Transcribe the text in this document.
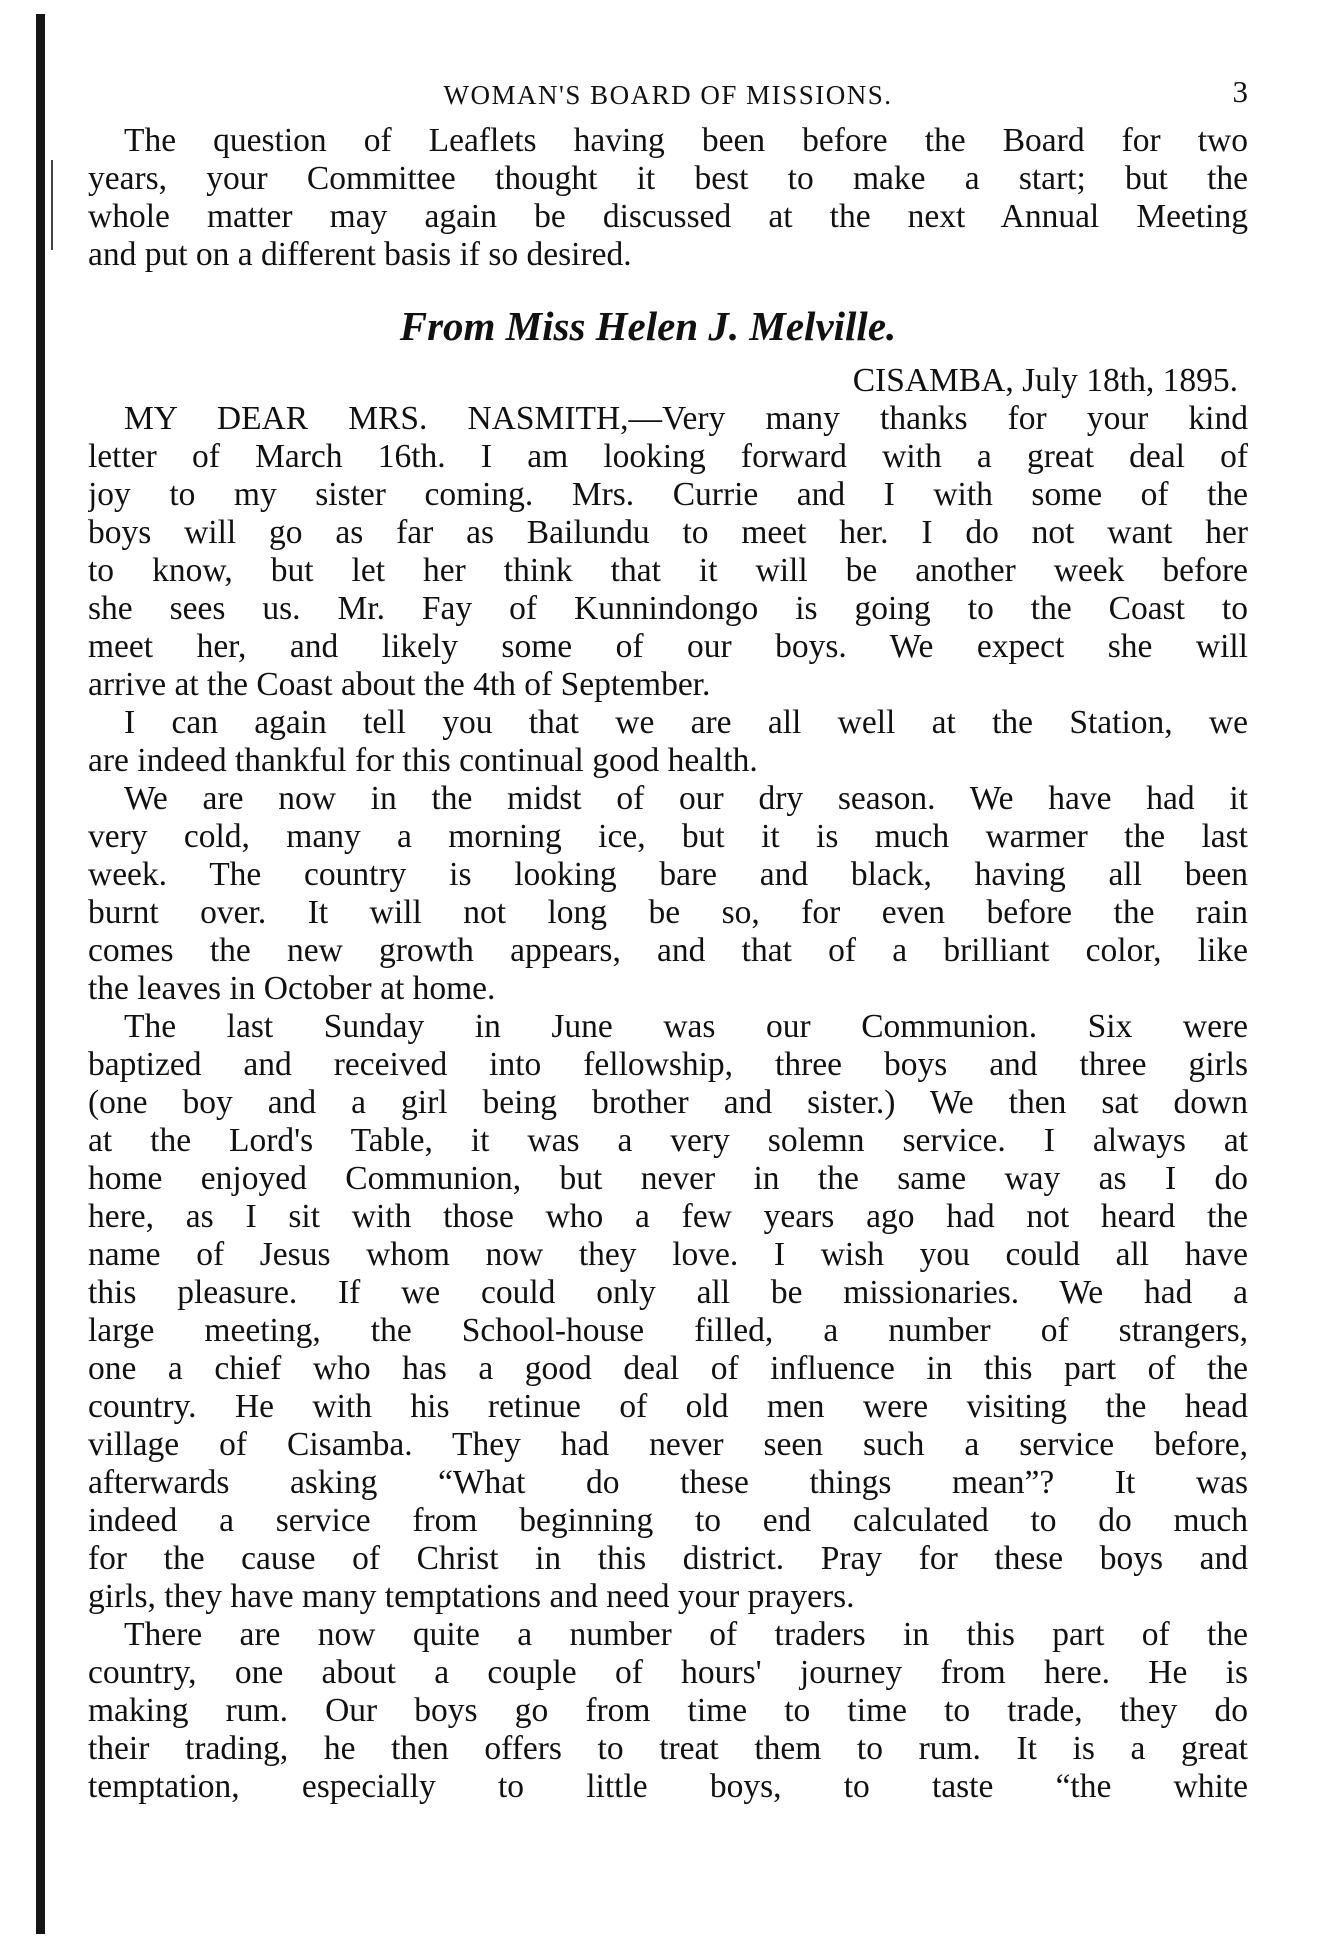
WOMAN'S BOARD OF MISSIONS.	3
The question of Leaflets having been before the Board for two
years, your Committee thought it best to make a start; but the
whole matter may again be discussed at the next Annual Meeting
and put on a different basis if so desired.
From Miss Helen J. Melville.
CISAMBA, July 18th, 1895.
MY DEAR MRS. NASMITH,—Very many thanks for your kind
letter of March 16th. I am looking forward with a great deal of
joy to my sister coming. Mrs. Currie and I with some of the
boys will go as far as Bailundu to meet her. I do not want her
to know, but let her think that it will be another week before
she sees us. Mr. Fay of Kunnindongo is going to the Coast to
meet her, and likely some of our boys. We expect she will
arrive at the Coast about the 4th of September.
I can again tell you that we are all well at the Station, we
are indeed thankful for this continual good health.
We are now in the midst of our dry season. We have had it
very cold, many a morning ice, but it is much warmer the last
week. The country is looking bare and black, having all been
burnt over. It will not long be so, for even before the rain
comes the new growth appears, and that of a brilliant color, like
the leaves in October at home.
The last Sunday in June was our Communion. Six were
baptized and received into fellowship, three boys and three girls
(one boy and a girl being brother and sister.) We then sat down
at the Lord's Table, it was a very solemn service. I always at
home enjoyed Communion, but never in the same way as I do
here, as I sit with those who a few years ago had not heard the
name of Jesus whom now they love. I wish you could all have
this pleasure. If we could only all be missionaries. We had a
large meeting, the School-house filled, a number of strangers,
one a chief who has a good deal of influence in this part of the
country. He with his retinue of old men were visiting the head
village of Cisamba. They had never seen such a service before,
afterwards asking “What do these things mean”? It was
indeed a service from beginning to end calculated to do much
for the cause of Christ in this district. Pray for these boys and
girls, they have many temptations and need your prayers.
There are now quite a number of traders in this part of the
country, one about a couple of hours' journey from here. He is
making rum. Our boys go from time to time to trade, they do
their trading, he then offers to treat them to rum. It is a great
temptation, especially to little boys, to taste “the white
